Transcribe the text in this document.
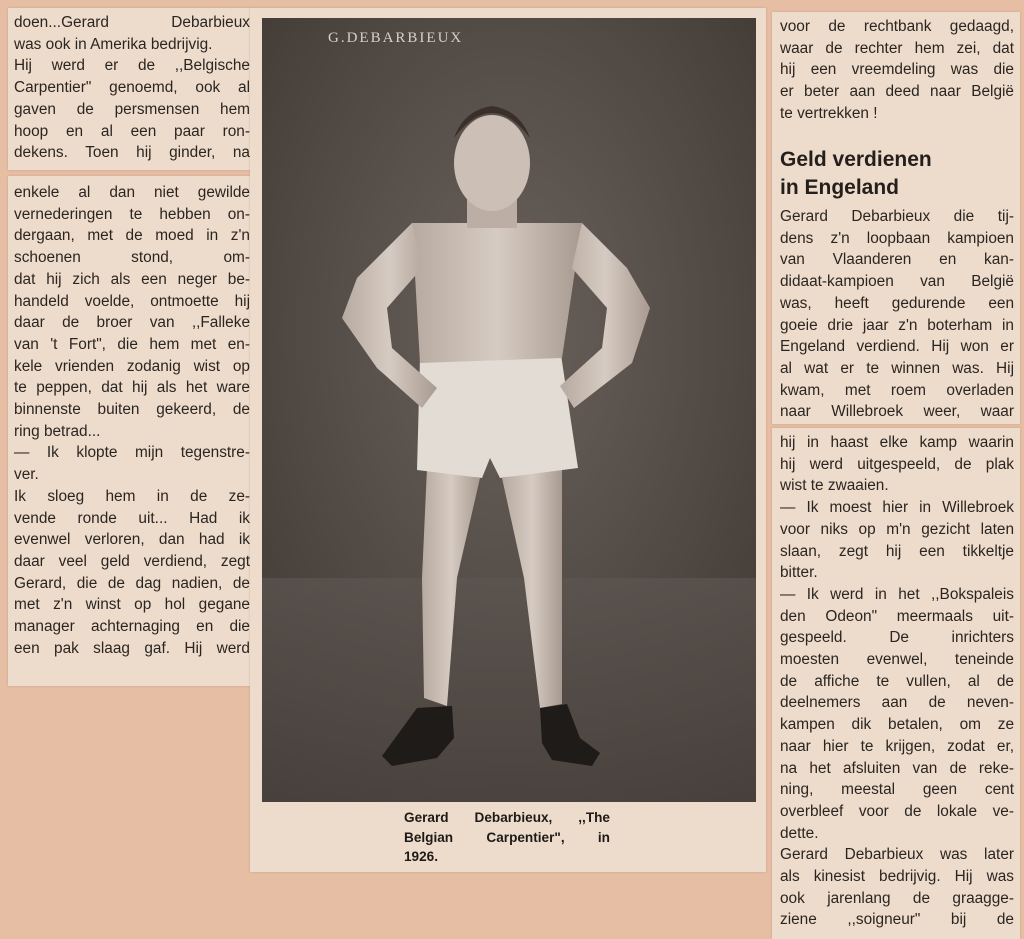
doen...Gerard Debarbieux
was ook in Amerika bedrijvig.
Hij werd er de ,,Belgische
Carpentier" genoemd, ook al
gaven de persmensen hem
hoop en al een paar ron-
dekens. Toen hij ginder, na
enkele al dan niet gewilde
vernederingen te hebben on-
dergaan, met de moed in z'n
schoenen stond, om-
dat hij zich als een neger be-
handeld voelde, ontmoette hij
daar de broer van ,,Falleke
van 't Fort", die hem met en-
kele vrienden zodanig wist op
te peppen, dat hij als het ware
binnenste buiten gekeerd, de
ring betrad...
— Ik klopte mijn tegenstre-
ver.
Ik sloeg hem in de ze-
vende ronde uit... Had ik
evenwel verloren, dan had ik
daar veel geld verdiend, zegt
Gerard, die de dag nadien, de
met z'n winst op hol gegane
manager achternaging en die
een pak slaag gaf. Hij werd
G.DEBARBIEUX
Gerard Debarbieux, ,,The
Belgian Carpentier", in
1926.
voor de rechtbank gedaagd,
waar de rechter hem zei, dat
hij een vreemdeling was die
er beter aan deed naar België
te vertrekken !
Geld verdienen
in Engeland
Gerard Debarbieux die tij-
dens z'n loopbaan kampioen
van Vlaanderen en kan-
didaat-kampioen van België
was, heeft gedurende een
goeie drie jaar z'n boterham in
Engeland verdiend. Hij won er
al wat er te winnen was. Hij
kwam, met roem overladen
naar Willebroek weer, waar
hij in haast elke kamp waarin
hij werd uitgespeeld, de plak
wist te zwaaien.
— Ik moest hier in Willebroek
voor niks op m'n gezicht laten
slaan, zegt hij een tikkeltje
bitter.
— Ik werd in het ,,Bokspaleis
den Odeon" meermaals uit-
gespeeld. De inrichters
moesten evenwel, teneinde
de affiche te vullen, al de
deelnemers aan de neven-
kampen dik betalen, om ze
naar hier te krijgen, zodat er,
na het afsluiten van de reke-
ning, meestal geen cent
overbleef voor de lokale ve-
dette.
Gerard Debarbieux was later
als kinesist bedrijvig. Hij was
ook jarenlang de graagge-
ziene ,,soigneur" bij de
